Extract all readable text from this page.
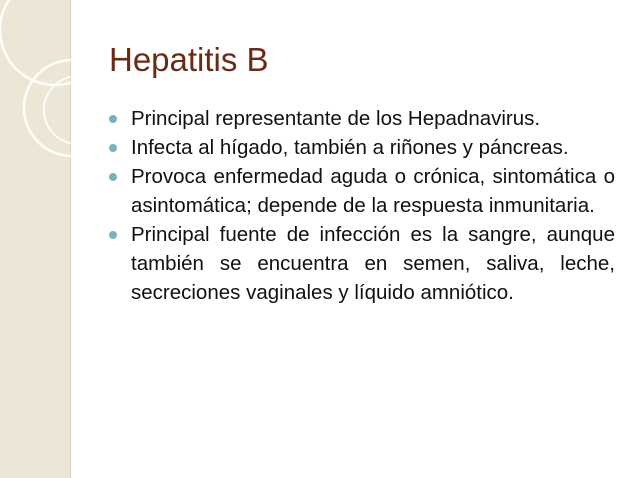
Hepatitis B
Principal representante de los Hepadnavirus.
Infecta al hígado, también a riñones y páncreas.
Provoca enfermedad aguda o crónica, sintomática o asintomática; depende de la respuesta inmunitaria.
Principal fuente de infección es la sangre, aunque también se encuentra en semen, saliva, leche, secreciones vaginales y líquido amniótico.
